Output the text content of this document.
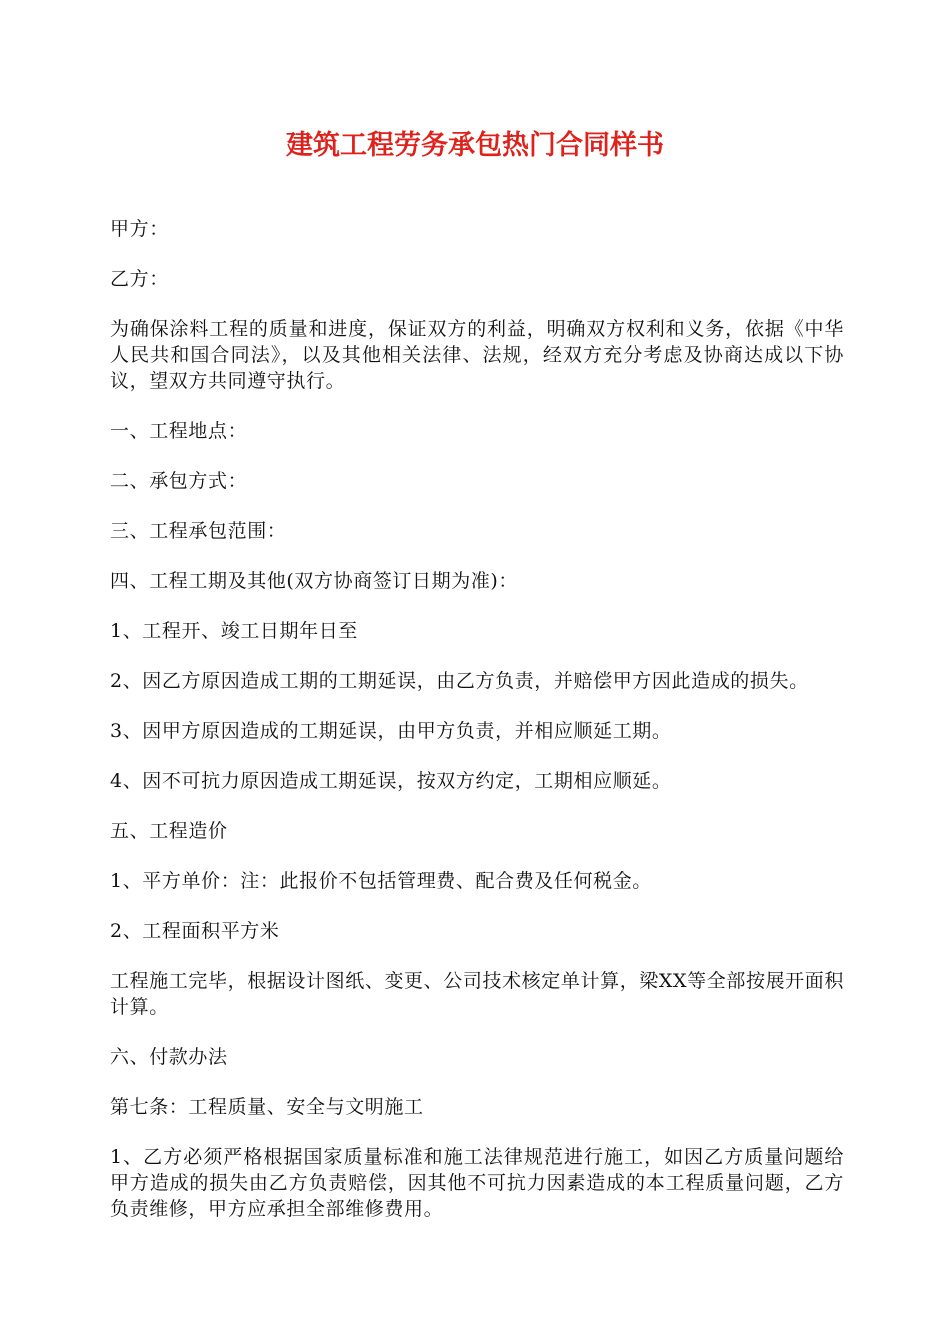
建筑工程劳务承包热门合同样书

甲方：

乙方：

为确保涂料工程的质量和进度，保证双方的利益，明确双方权利和义务，依据《中华人民共和国合同法》，以及其他相关法律、法规，经双方充分考虑及协商达成以下协议，望双方共同遵守执行。

一、工程地点：

二、承包方式：

三、工程承包范围：

四、工程工期及其他(双方协商签订日期为准)：

1、工程开、竣工日期年日至

2、因乙方原因造成工期的工期延误，由乙方负责，并赔偿甲方因此造成的损失。

3、因甲方原因造成的工期延误，由甲方负责，并相应顺延工期。

4、因不可抗力原因造成工期延误，按双方约定，工期相应顺延。

五、工程造价

1、平方单价：注：此报价不包括管理费、配合费及任何税金。

2、工程面积平方米

工程施工完毕，根据设计图纸、变更、公司技术核定单计算，梁XX等全部按展开面积计算。

六、付款办法

第七条：工程质量、安全与文明施工

1、乙方必须严格根据国家质量标准和施工法律规范进行施工，如因乙方质量问题给甲方造成的损失由乙方负责赔偿，因其他不可抗力因素造成的本工程质量问题，乙方负责维修，甲方应承担全部维修费用。
